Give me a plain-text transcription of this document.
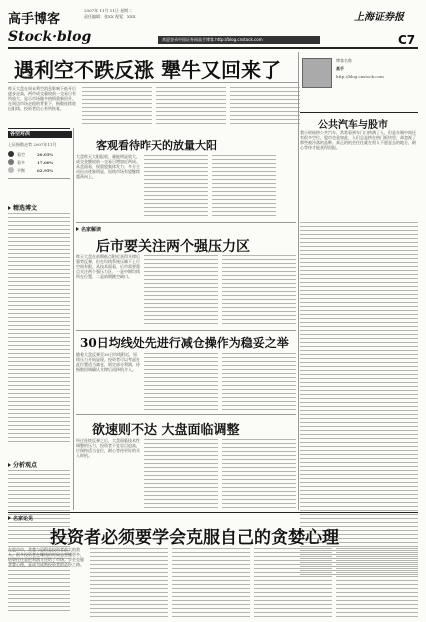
2007年 11月 11日 星期二
责任编辑：张XX 视觉：XXX
高手博客
Stock·blog
上海证券报
C7
欢迎登录中国证券网高手博客 http://blog.cnstock.com
遇利空不跌反涨 犟牛又回来了
昨天大盘在周末利空消息影响下低开后逐步走高，两市成交量较前一交易日有所放大，显示市场做多热情重新回升。在周边市场走稳的背景下，指数连续收出阳线，投资者信心有所恢复。
博客名称
高手
http://blog.cnstock.com
公共汽车与股市
我小时候挤公共汽车，常常看到车门口挤满了人，但是车厢中间还有很多空位。股市也是如此，人们总是挤在热门板块里，却忽视了那些被冷落的品种。真正的机会往往就在别人不愿意去的地方，耐心等待才能获得回报。
各空对决
上证指数走势 2007年11月
看空	20.05%
看多	17.00%
平衡	62.95%
精选博文
分析观点
客观看待昨天的放量大阳
大盘昨天大阳报收，量能明显放大，成交金额较前一交易日增加近两成。从盘面看，权重股集体发力，多方主动出击迹象明显，短线市场有望继续震荡向上。
名家解读
后市要关注两个强压力区
昨天大盘在前期低点附近获得支撑后强势反弹，但在均线系统压制下上行空间有限。从技术面看，后市需要重点关注两个强压力区，一是中期均线所在位置，二是前期跳空缺口。
30日均线处先进行减仓操作为稳妥之举
随着大盘反弹至30日均线附近，短线压力开始显现。投资者可以考虑在此位置适当减仓，锁定部分利润，待指数回调确认支撑后再择机介入。
欲速则不达 大盘面临调整
经过连续反弹之后，大盘面临技术性调整的压力，投资者不宜盲目追高，应保持适当仓位，耐心等待更好的买入时机。
名家论见
投资者必须要学会克服自己的贪婪心理
在股市中，贪婪与恐惧是投资者最大的敌人。很多投资者在赚钱的时候总想赚更多，结果往往是把利润又还给了市场。学会克服贪婪心理，是成为成熟投资者的必经之路。
